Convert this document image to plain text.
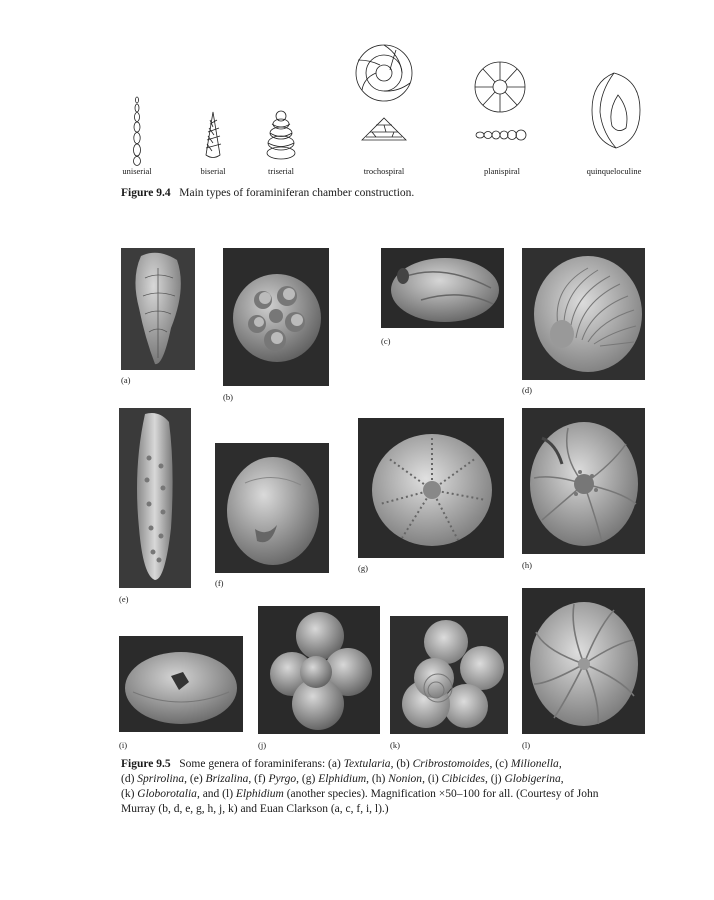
uniserial	biserial	triserial	trochospiral	planispiral	quinqueloculine
Figure 9.4 Main types of foraminiferan chamber construction.
(a)
(b)
(c)
(d)
(e)
(f)
(g)	(h)
(i)	(j)	(k)	(l)
Figure 9.5 Some genera of foraminiferans: (a) Textularia, (b) Cribrostomoides, (c) Milionella,
(d) Sprirolina, (e) Brizalina, (f) Pyrgo, (g) Elphidium, (h) Nonion, (i) Cibicides, (j) Globigerina,
(k) Globorotalia, and (l) Elphidium (another species). Magnification ×50–100 for all. (Courtesy of John
Murray (b, d, e, g, h, j, k) and Euan Clarkson (a, c, f, i, l).)
